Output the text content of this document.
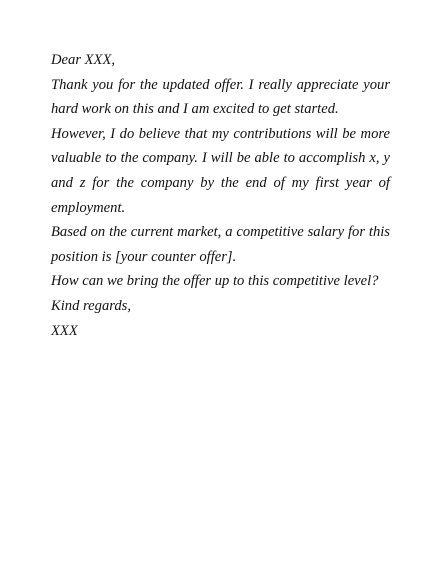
Dear XXX,

Thank you for the updated offer. I really appreciate your hard work on this and I am excited to get started.

However, I do believe that my contributions will be more valuable to the company. I will be able to accomplish x, y and z for the company by the end of my first year of employment.

Based on the current market, a competitive salary for this position is [your counter offer].

How can we bring the offer up to this competitive level?

Kind regards,

XXX
